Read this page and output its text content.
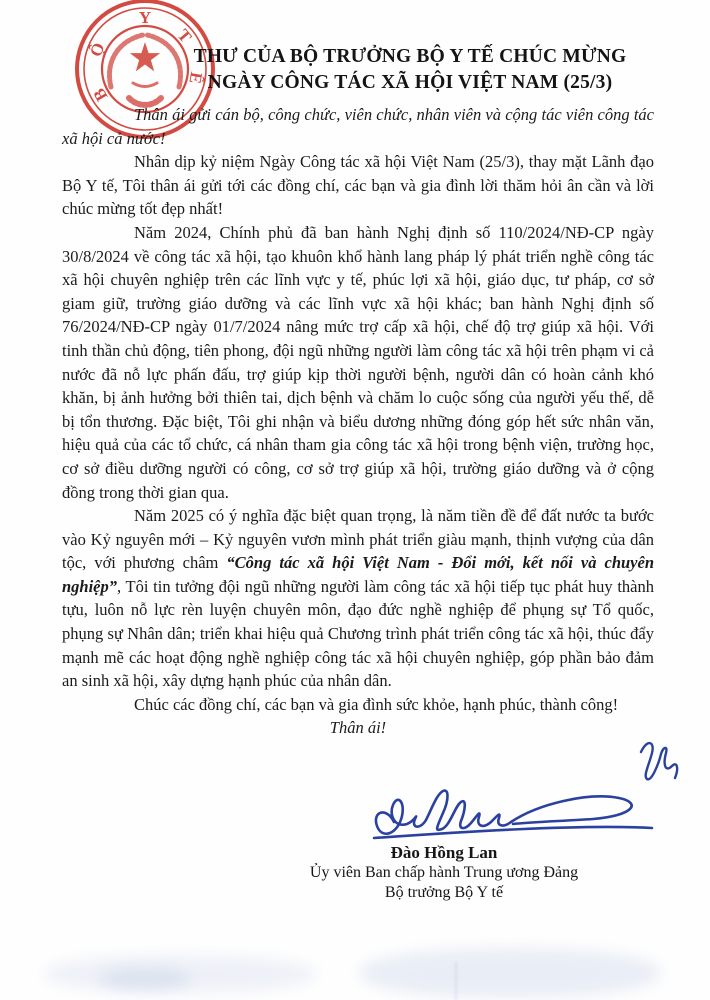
B
Ộ
Y
T
Ế
THƯ CỦA BỘ TRƯỞNG BỘ Y TẾ CHÚC MỪNG
NGÀY CÔNG TÁC XÃ HỘI VIỆT NAM (25/3)

Thân ái gửi cán bộ, công chức, viên chức, nhân viên và cộng tác viên công tác xã hội cả nước!

Nhân dịp kỷ niệm Ngày Công tác xã hội Việt Nam (25/3), thay mặt Lãnh đạo Bộ Y tế, Tôi thân ái gửi tới các đồng chí, các bạn và gia đình lời thăm hỏi ân cần và lời chúc mừng tốt đẹp nhất!

Năm 2024, Chính phủ đã ban hành Nghị định số 110/2024/NĐ-CP ngày 30/8/2024 về công tác xã hội, tạo khuôn khổ hành lang pháp lý phát triển nghề công tác xã hội chuyên nghiệp trên các lĩnh vực y tế, phúc lợi xã hội, giáo dục, tư pháp, cơ sở giam giữ, trường giáo dưỡng và các lĩnh vực xã hội khác; ban hành Nghị định số 76/2024/NĐ-CP ngày 01/7/2024 nâng mức trợ cấp xã hội, chế độ trợ giúp xã hội. Với tinh thần chủ động, tiên phong, đội ngũ những người làm công tác xã hội trên phạm vi cả nước đã nỗ lực phấn đấu, trợ giúp kịp thời người bệnh, người dân có hoàn cảnh khó khăn, bị ảnh hưởng bởi thiên tai, dịch bệnh và chăm lo cuộc sống của người yếu thế, dễ bị tổn thương. Đặc biệt, Tôi ghi nhận và biểu dương những đóng góp hết sức nhân văn, hiệu quả của các tổ chức, cá nhân tham gia công tác xã hội trong bệnh viện, trường học, cơ sở điều dưỡng người có công, cơ sở trợ giúp xã hội, trường giáo dưỡng và ở cộng đồng trong thời gian qua.

Năm 2025 có ý nghĩa đặc biệt quan trọng, là năm tiền đề để đất nước ta bước vào Kỷ nguyên mới – Kỷ nguyên vươn mình phát triển giàu mạnh, thịnh vượng của dân tộc, với phương châm “Công tác xã hội Việt Nam - Đổi mới, kết nối và chuyên nghiệp”, Tôi tin tưởng đội ngũ những người làm công tác xã hội tiếp tục phát huy thành tựu, luôn nỗ lực rèn luyện chuyên môn, đạo đức nghề nghiệp để phụng sự Tổ quốc, phụng sự Nhân dân; triển khai hiệu quả Chương trình phát triển công tác xã hội, thúc đẩy mạnh mẽ các hoạt động nghề nghiệp công tác xã hội chuyên nghiệp, góp phần bảo đảm an sinh xã hội, xây dựng hạnh phúc của nhân dân.

Chúc các đồng chí, các bạn và gia đình sức khỏe, hạnh phúc, thành công!

Thân ái!

Đào Hồng Lan
Ủy viên Ban chấp hành Trung ương Đảng
Bộ trưởng Bộ Y tế
